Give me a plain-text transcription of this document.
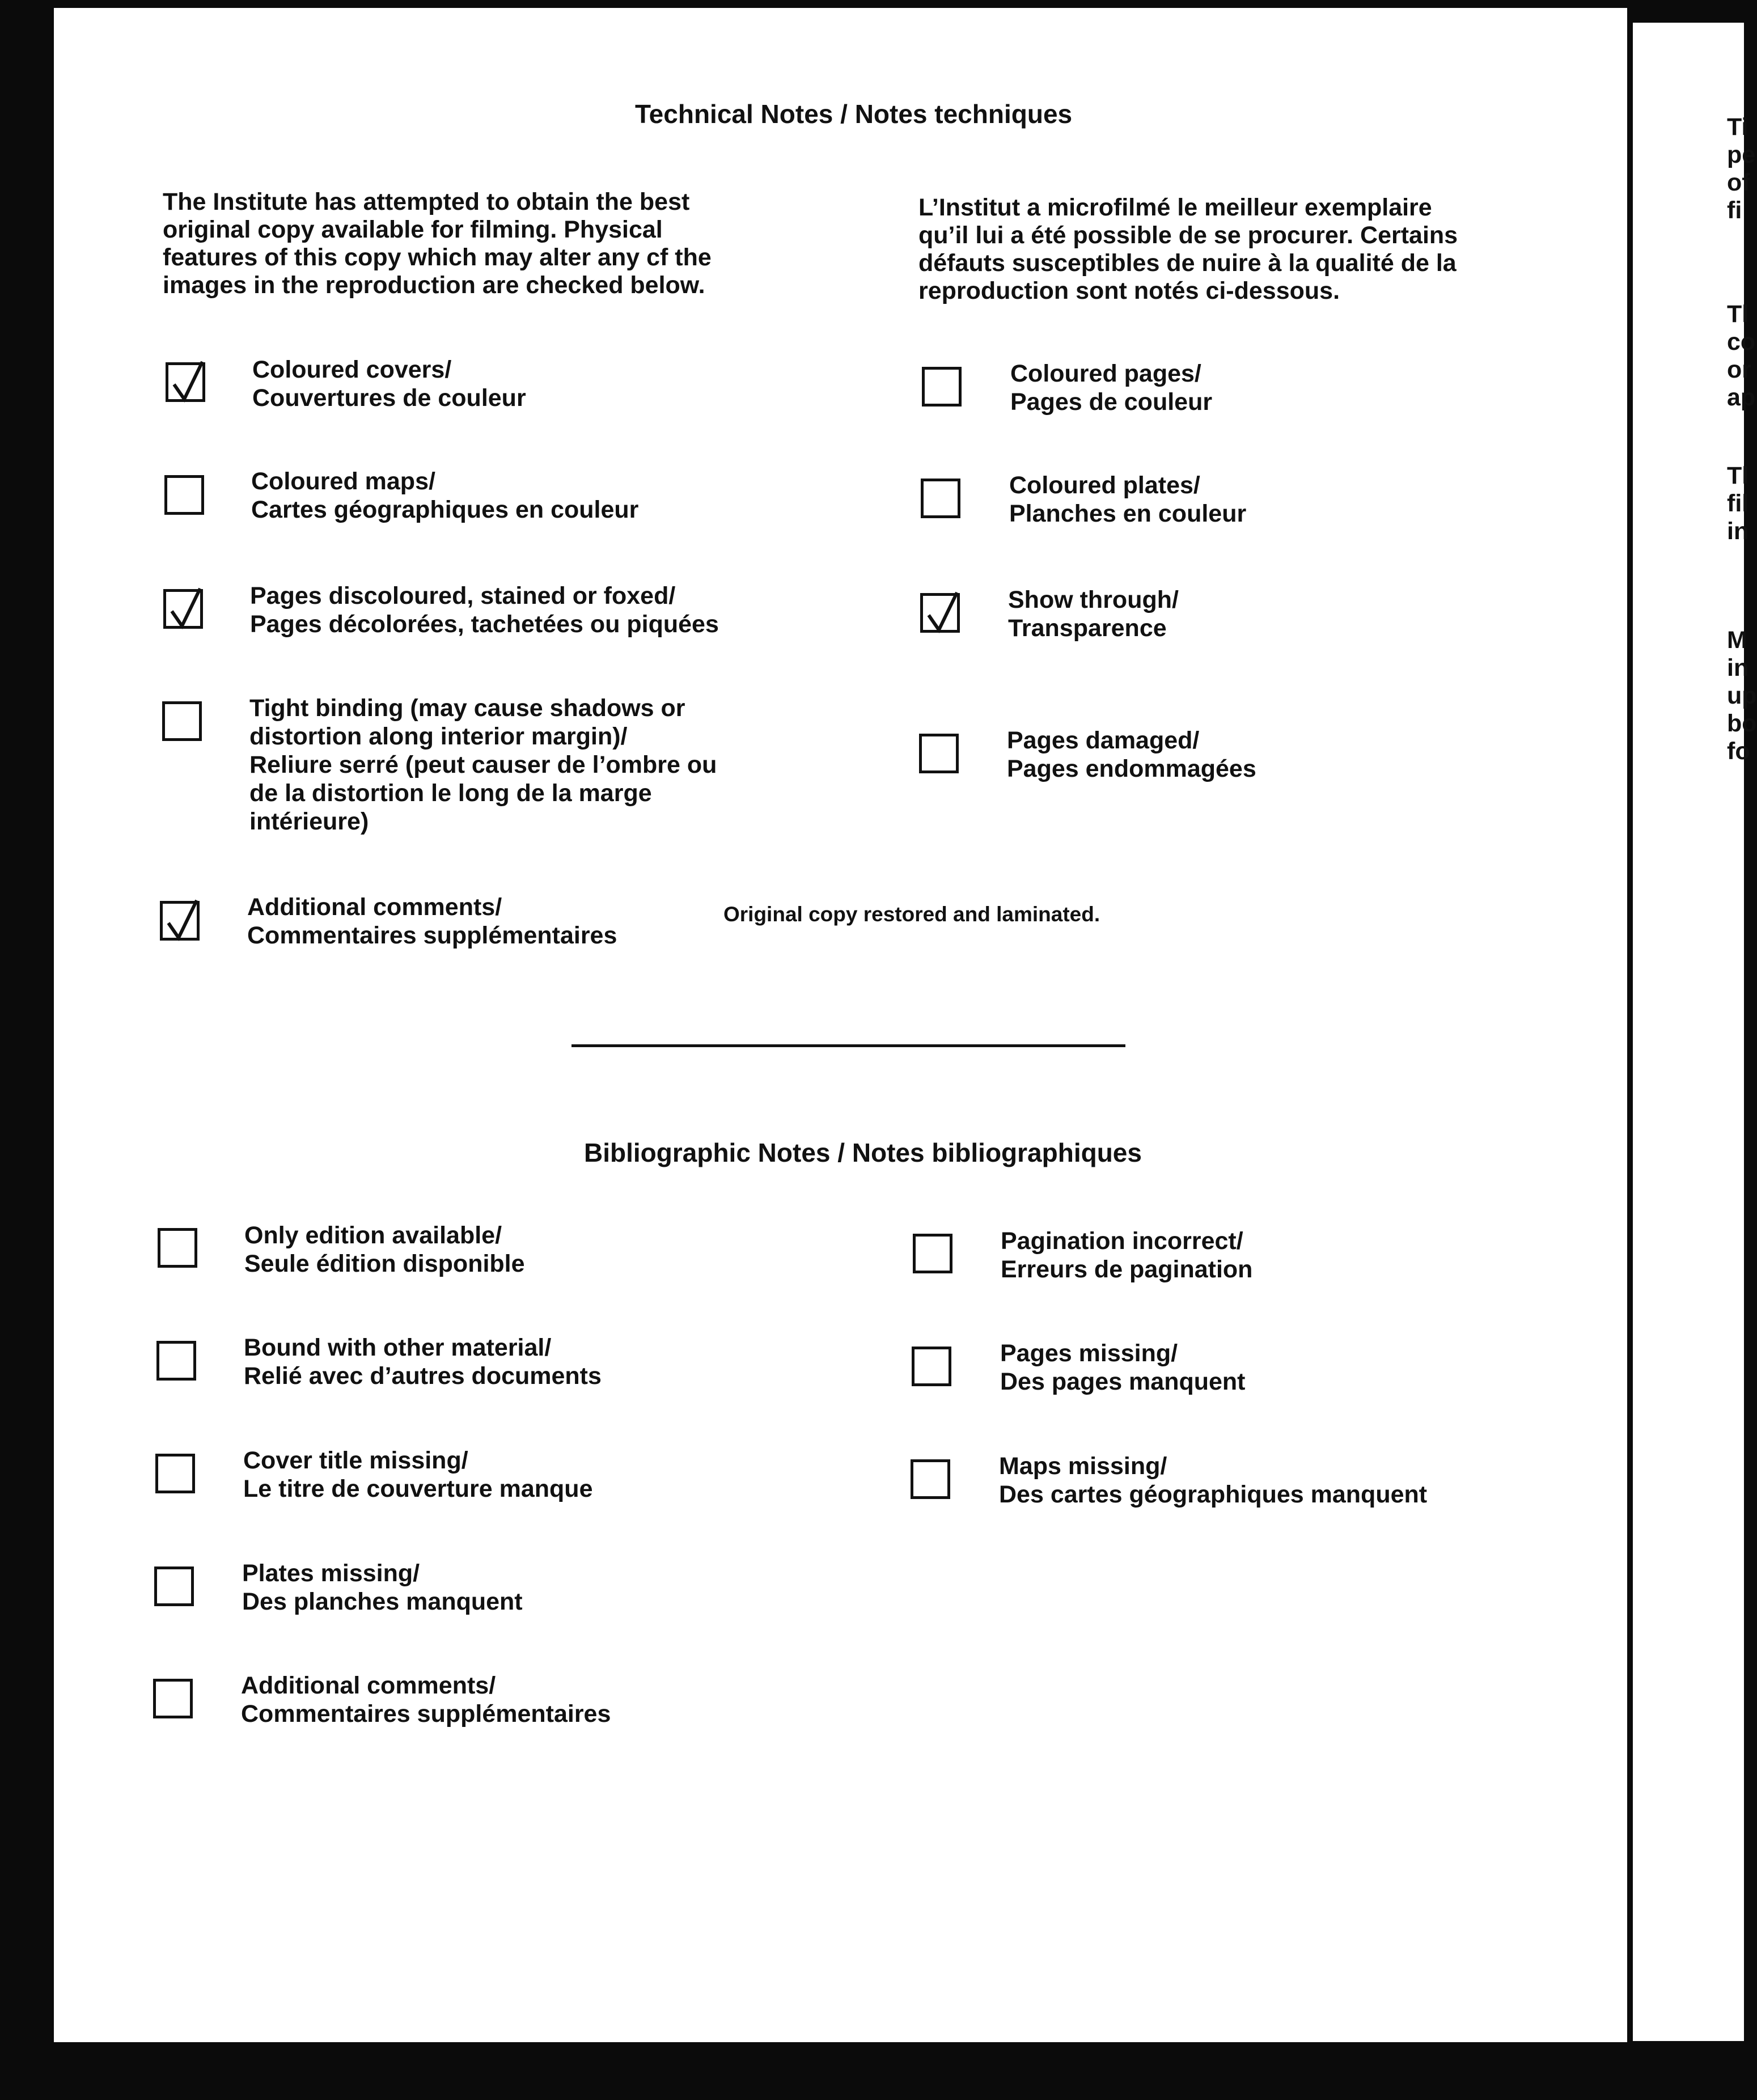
Technical Notes / Notes techniques
The Institute has attempted to obtain the best
original copy available for filming. Physical
features of this copy which may alter any cf the
images in the reproduction are checked below.
L’Institut a microfilmé le meilleur exemplaire
qu’il lui a été possible de se procurer. Certains
défauts susceptibles de nuire à la qualité de la
reproduction sont notés ci-dessous.
Coloured covers/
Couvertures de couleur
Coloured pages/
Pages de couleur
Coloured maps/
Cartes géographiques en couleur
Coloured plates/
Planches en couleur
Pages discoloured, stained or foxed/
Pages décolorées, tachetées ou piquées
Show through/
Transparence
Tight binding (may cause shadows or
distortion along interior margin)/
Reliure serré (peut causer de l’ombre ou
de la distortion le long de la marge
intérieure)
Pages damaged/
Pages endommagées
Additional comments/
Commentaires supplémentaires
Original copy restored and laminated.
Bibliographic Notes / Notes bibliographiques
Only edition available/
Seule édition disponible
Pagination incorrect/
Erreurs de pagination
Bound with other material/
Relié avec d’autres documents
Pages missing/
Des pages manquent
Cover title missing/
Le titre de couverture manque
Maps missing/
Des cartes géographiques manquent
Plates missing/
Des planches manquent
Additional comments/
Commentaires supplémentaires
Ti
pe
of
fi
Tl
co
or
ap
Tl
fil
in
M
in
up
bo
fo
